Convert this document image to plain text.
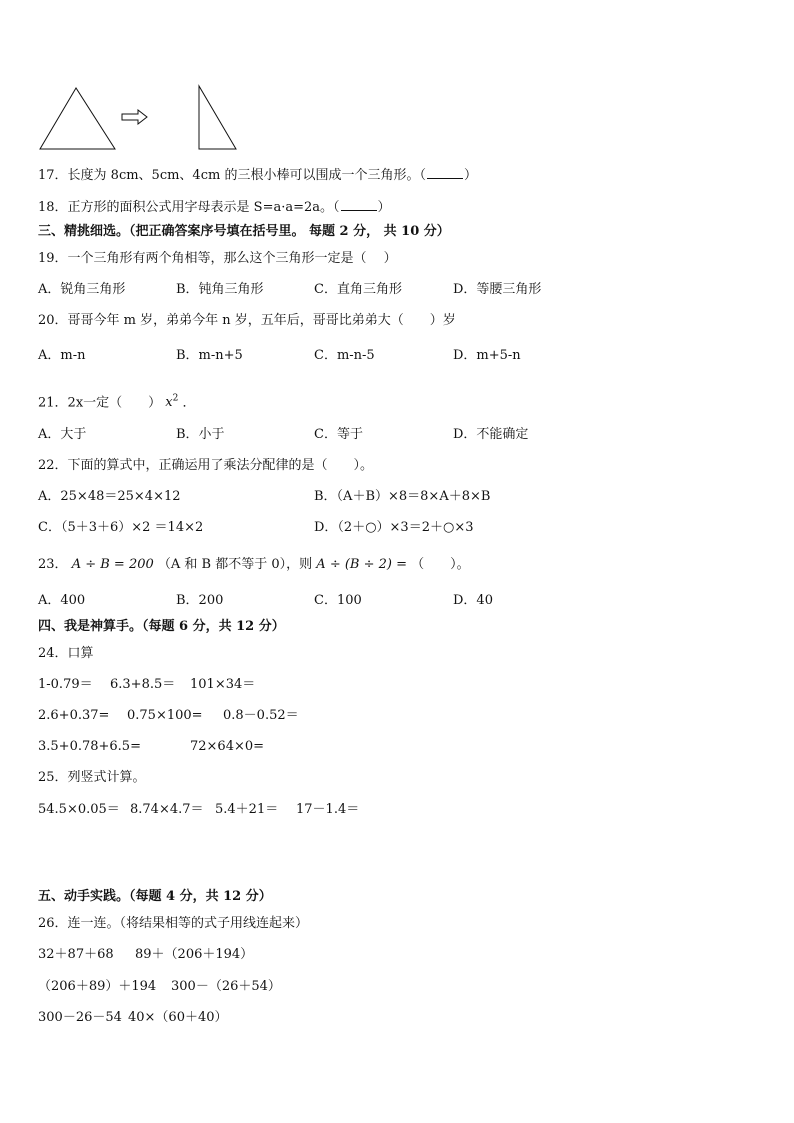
17．长度为 8cm、5cm、4cm 的三根小棒可以围成一个三角形。（	）
18．正方形的面积公式用字母表示是 S=a·a=2a。（	）
三、精挑细选。（把正确答案序号填在括号里。 每题 2 分， 共 10 分）
19．一个三角形有两个角相等，那么这个三角形一定是（　 ）
A．锐角三角形	B．钝角三角形	C．直角三角形	D．等腰三角形
20．哥哥今年 m 岁，弟弟今年 n 岁，五年后，哥哥比弟弟大（　　）岁
A．m-n	B．m-n+5	C．m-n-5	D．m+5-n
21．2x一定（　　） $x^2$ ．
A．大于	B．小于	C．等于	D．不能确定
22．下面的算式中，正确运用了乘法分配律的是（　　）。
A．25×48＝25×4×12	B．（A＋B）×8＝8×A＋8×B
C．（5＋3＋6）×2 ＝14×2	D．（2＋○）×3＝2＋○×3
23． A ÷ B = 200 （A 和 B 都不等于 0），则 A ÷ (B ÷ 2) = （　　）。
A．400	B．200	C．100	D．40
四、我是神算手。（每题 6 分，共 12 分）
24．口算
1-0.79＝ 6.3+8.5＝ 101×34＝
2.6+0.37= 0.75×100= 0.8－0.52＝
3.5+0.78+6.5=	72×64×0=
25．列竖式计算。
54.5×0.05＝ 8.74×4.7＝ 5.4＋21＝ 17－1.4＝
五、动手实践。（每题 4 分，共 12 分）
26．连一连。（将结果相等的式子用线连起来）
32＋87＋68 89＋（206＋194）
（206＋89）＋194 300－（26＋54）
300－26－54 40×（60＋40）
